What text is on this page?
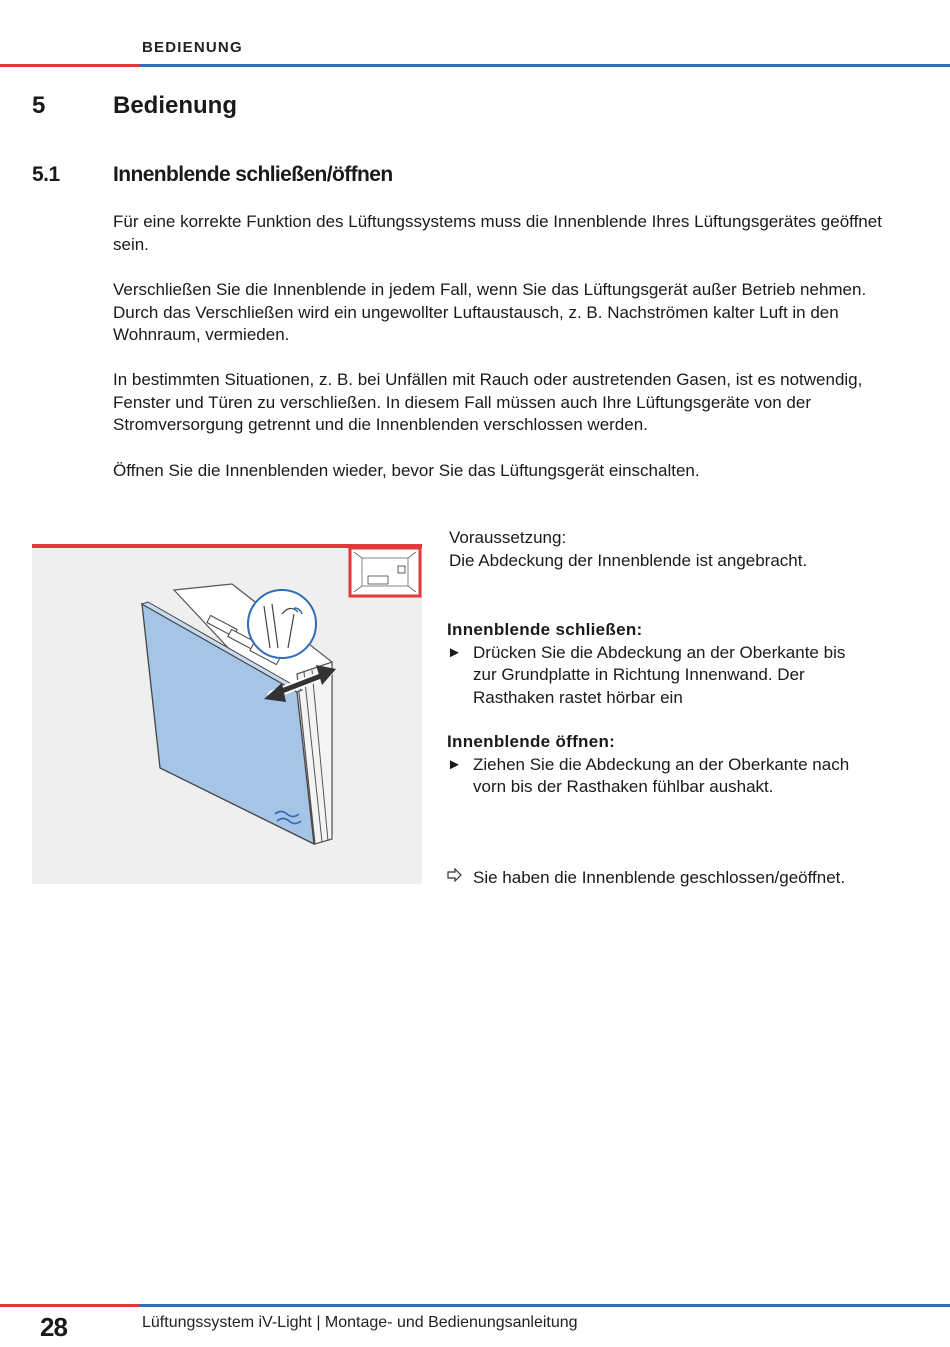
BEDIENUNG
5	Bedienung
5.1	Innenblende schließen/öffnen
Für eine korrekte Funktion des Lüftungssystems muss die Innenblende Ihres Lüftungsgerätes geöffnet sein.
Verschließen Sie die Innenblende in jedem Fall, wenn Sie das Lüftungsgerät außer Betrieb nehmen. Durch das Verschließen wird ein ungewollter Luftaustausch, z. B. Nachströmen kalter Luft in den Wohnraum, vermieden.
In bestimmten Situationen, z. B. bei Unfällen mit Rauch oder austretenden Gasen, ist es notwendig, Fenster und Türen zu verschließen. In diesem Fall müssen auch Ihre Lüftungsgeräte von der Stromversorgung getrennt und die Innenblenden verschlossen werden.
Öffnen Sie die Innenblenden wieder, bevor Sie das Lüftungsgerät einschalten.
Voraussetzung:
Die Abdeckung der Innenblende ist angebracht.
Innenblende schließen:
► Drücken Sie die Abdeckung an der Oberkante bis zur Grundplatte in Richtung Innenwand. Der Rasthaken rastet hörbar ein
Innenblende öffnen:
► Ziehen Sie die Abdeckung an der Oberkante nach vorn bis der Rasthaken fühlbar aushakt.
Sie haben die Innenblende geschlossen/geöffnet.
28	Lüftungssystem iV-Light | Montage- und Bedienungsanleitung
